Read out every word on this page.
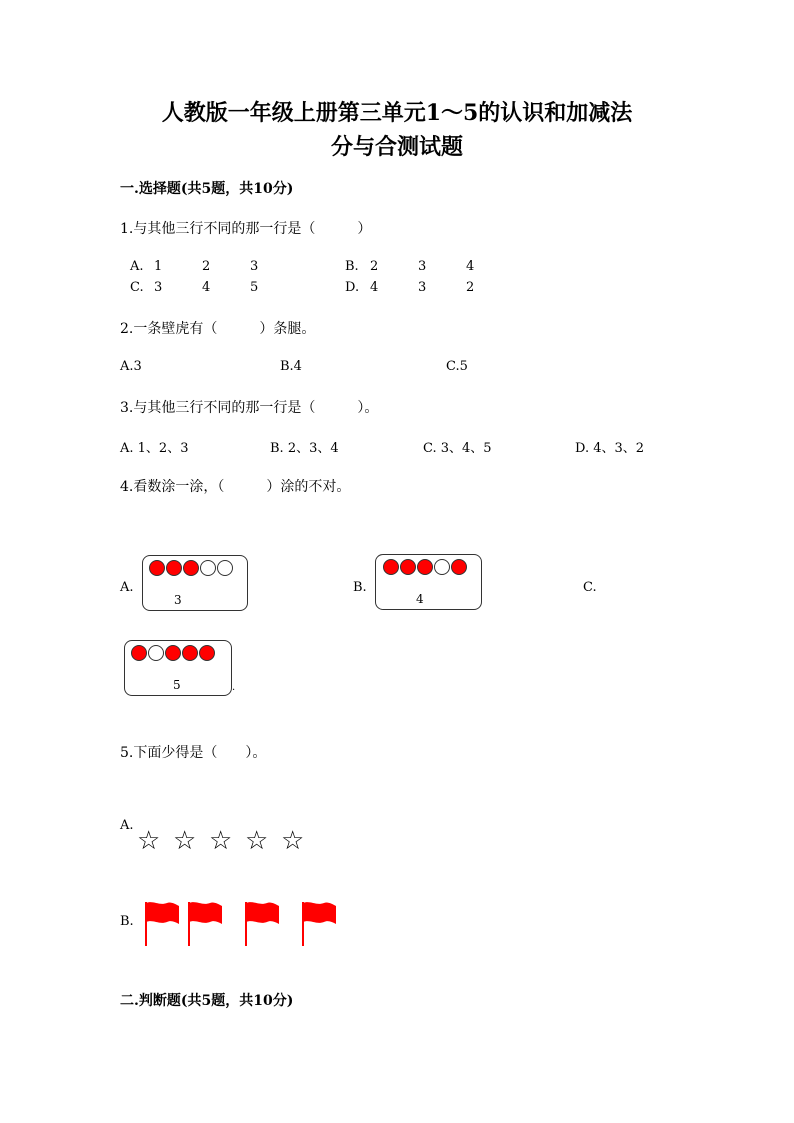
人教版一年级上册第三单元1～5的认识和加减法
分与合测试题
一.选择题(共5题，共10分)
1.与其他三行不同的那一行是（　　　）
A. 1	2	3	B. 2	3	4
C. 3	4	5	D. 4	3	2
2.一条壁虎有（　　　）条腿。
A.3	B.4	C.5
3.与其他三行不同的那一行是（　　　）。
A. 1、2、3	B. 2、3、4	C. 3、4、5	D. 4、3、2
4.看数涂一涂，（　　　）涂的不对。
A.
3
B.
4
C.
5	.
5.下面少得是（　　）。
A.
☆ ☆ ☆ ☆ ☆
B.
二.判断题(共5题，共10分)
